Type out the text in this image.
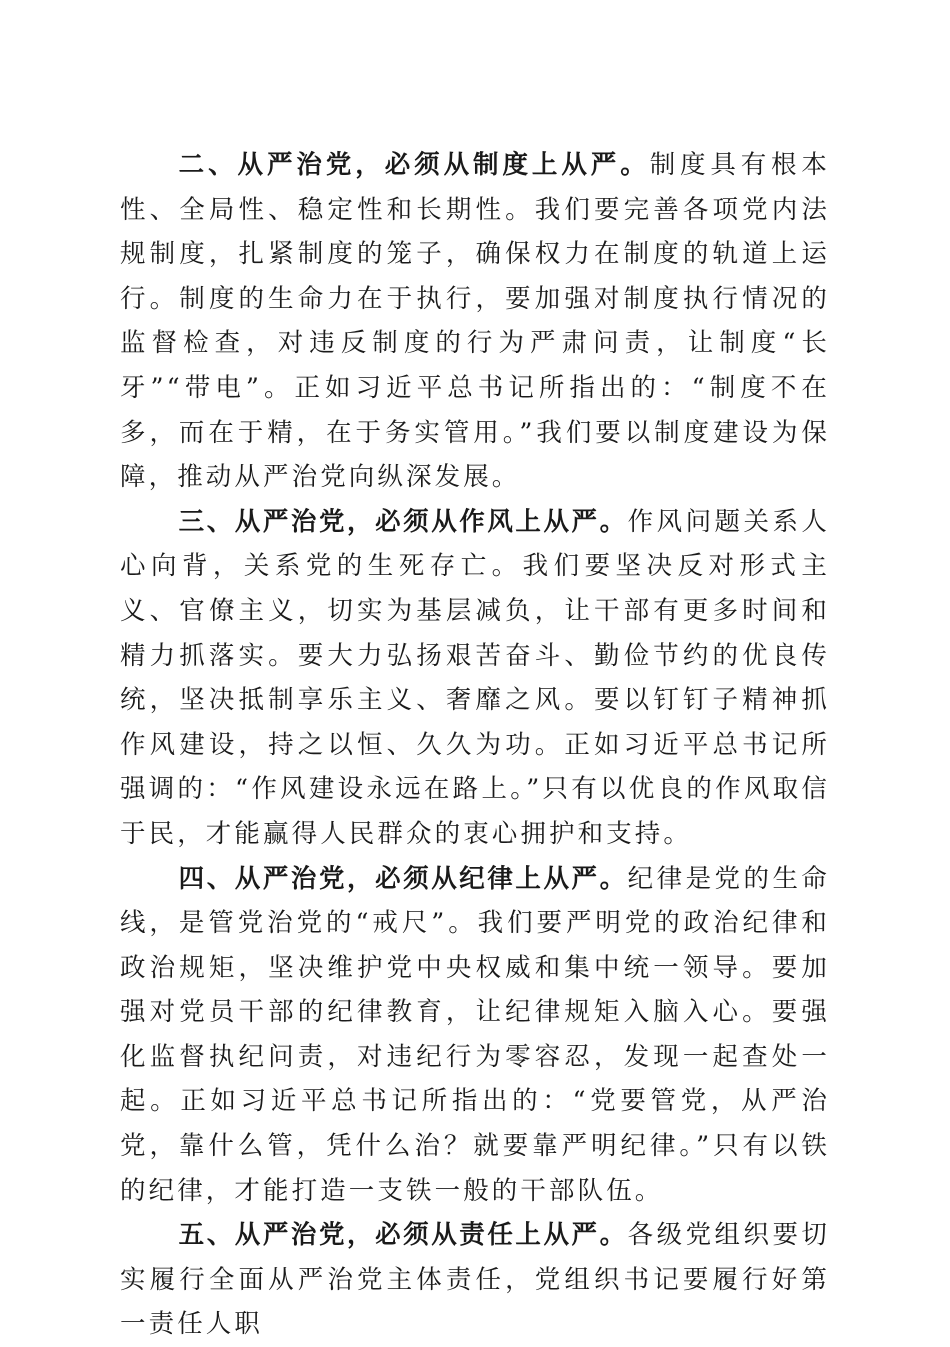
二、从严治党，必须从制度上从严。制度具有根本性、全局性、稳定性和长期性。我们要完善各项党内法规制度，扎紧制度的笼子，确保权力在制度的轨道上运行。制度的生命力在于执行，要加强对制度执行情况的监督检查，对违反制度的行为严肃问责，让制度“长牙”“带电”。正如习近平总书记所指出的：“制度不在多，而在于精，在于务实管用。”我们要以制度建设为保障，推动从严治党向纵深发展。

三、从严治党，必须从作风上从严。作风问题关系人心向背，关系党的生死存亡。我们要坚决反对形式主义、官僚主义，切实为基层减负，让干部有更多时间和精力抓落实。要大力弘扬艰苦奋斗、勤俭节约的优良传统，坚决抵制享乐主义、奢靡之风。要以钉钉子精神抓作风建设，持之以恒、久久为功。正如习近平总书记所强调的：“作风建设永远在路上。”只有以优良的作风取信于民，才能赢得人民群众的衷心拥护和支持。

四、从严治党，必须从纪律上从严。纪律是党的生命线，是管党治党的“戒尺”。我们要严明党的政治纪律和政治规矩，坚决维护党中央权威和集中统一领导。要加强对党员干部的纪律教育，让纪律规矩入脑入心。要强化监督执纪问责，对违纪行为零容忍，发现一起查处一起。正如习近平总书记所指出的：“党要管党，从严治党，靠什么管，凭什么治？就要靠严明纪律。”只有以铁的纪律，才能打造一支铁一般的干部队伍。

五、从严治党，必须从责任上从严。各级党组织要切实履行全面从严治党主体责任，党组织书记要履行好第一责任人职
